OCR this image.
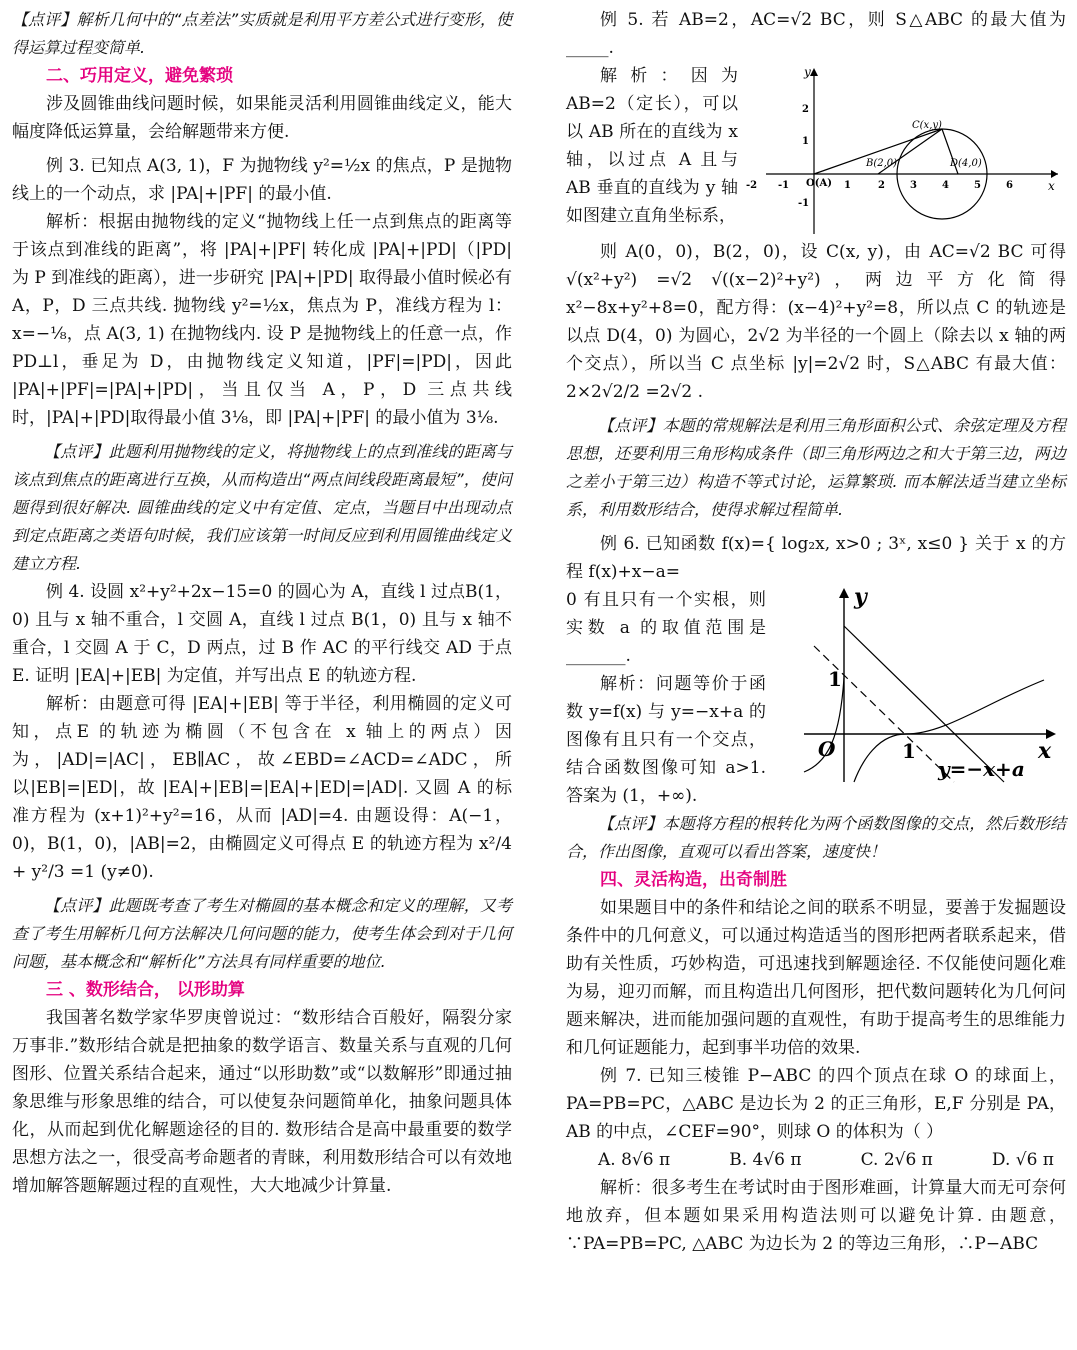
【点评】解析几何中的“点差法”实质就是利用平方差公式进行变形，使得运算过程变简单.

二、巧用定义，避免繁琐

涉及圆锥曲线问题时候，如果能灵活利用圆锥曲线定义，能大幅度降低运算量，会给解题带来方便.

例 3. 已知点 A(3, 1)，F 为抛物线 y²=½x 的焦点，P 是抛物线上的一个动点，求 |PA|+|PF| 的最小值.

解析：根据由抛物线的定义“抛物线上任一点到焦点的距离等于该点到准线的距离”，将 |PA|+|PF| 转化成 |PA|+|PD|（|PD| 为 P 到准线的距离），进一步研究 |PA|+|PD| 取得最小值时候必有 A，P，D 三点共线. 抛物线 y²=½x，焦点为 P，准线方程为 l：x=−⅛，点 A(3, 1) 在抛物线内. 设 P 是抛物线上的任意一点，作 PD⊥l，垂足为 D，由抛物线定义知道，|PF|=|PD|，因此 |PA|+|PF|=|PA|+|PD|，当且仅当 A，P，D 三点共线时，|PA|+|PD|取得最小值 3⅛，即 |PA|+|PF| 的最小值为 3⅛.

【点评】此题利用抛物线的定义，将抛物线上的点到准线的距离与该点到焦点的距离进行互换，从而构造出“两点间线段距离最短”，使问题得到很好解决. 圆锥曲线的定义中有定值、定点，当题目中出现动点到定点距离之类语句时候，我们应该第一时间反应到利用圆锥曲线定义建立方程.

例 4. 设圆 x²+y²+2x−15=0 的圆心为 A，直线 l 过点B(1，0) 且与 x 轴不重合，l 交圆 A，直线 l 过点 B(1，0) 且与 x 轴不重合，l 交圆 A 于 C，D 两点，过 B 作 AC 的平行线交 AD 于点 E. 证明 |EA|+|EB| 为定值，并写出点 E 的轨迹方程.

解析：由题意可得 |EA|+|EB| 等于半径，利用椭圆的定义可知，点E 的轨迹为椭圆（不包含在 x 轴上的两点）因为，|AD|=|AC|，EB∥AC，故∠EBD=∠ACD=∠ADC，所以|EB|=|ED|，故 |EA|+|EB|=|EA|+|ED|=|AD|. 又圆 A 的标准方程为 (x+1)²+y²=16，从而 |AD|=4. 由题设得：A(−1，0)，B(1，0)，|AB|=2，由椭圆定义可得点 E 的轨迹方程为 x²/4 + y²/3 =1 (y≠0).

【点评】此题既考查了考生对椭圆的基本概念和定义的理解，又考查了考生用解析几何方法解决几何问题的能力，使考生体会到对于几何问题，基本概念和“解析化”方法具有同样重要的地位.

三 、数形结合， 以形助算

我国著名数学家华罗庚曾说过：“数形结合百般好，隔裂分家万事非.”数形结合就是把抽象的数学语言、数量关系与直观的几何图形、位置关系结合起来，通过“以形助数”或“以数解形”即通过抽象思维与形象思维的结合，可以使复杂问题简单化，抽象问题具体化，从而起到优化解题途径的目的. 数形结合是高中最重要的数学思想方法之一，很受高考命题者的青睐，利用数形结合可以有效地增加解答题解题过程的直观性，大大地减少计算量.

例 5. 若 AB=2，AC=√2 BC，则 S△ABC 的最大值为 _____.

解析：因为 AB=2（定长），可以以 AB 所在的直线为 x 轴，以过点 A 且与 AB 垂直的直线为 y 轴如图建立直角坐标系，

y
x
-2 -1	1	2	3	4	5	6
2
1
-1
O(A)
B(2,0)
C(x,y)
D(4,0)

则 A(0，0)，B(2，0)，设 C(x, y)，由 AC=√2 BC 可得 √(x²+y²) =√2 √((x−2)²+y²)，两边平方化简得 x²−8x+y²+8=0，配方得：(x−4)²+y²=8，所以点 C 的轨迹是以点 D(4，0) 为圆心，2√2 为半径的一个圆上（除去以 x 轴的两个交点），所以当 C 点坐标 |y|=2√2 时，S△ABC 有最大值：2×2√2/2 =2√2 .

【点评】本题的常规解法是利用三角形面积公式、余弦定理及方程思想，还要利用三角形构成条件（即三角形两边之和大于第三边，两边之差小于第三边）构造不等式讨论，运算繁琐. 而本解法适当建立坐标系，利用数形结合，使得求解过程简单.

例 6. 已知函数 f(x)={ log₂x, x>0 ; 3ˣ, x≤0 } 关于 x 的方程 f(x)+x−a=

0 有且只有一个实根，则实数 a 的取值范围是 _______.

解析：问题等价于函数 y=f(x) 与 y=−x+a 的图像有且只有一个交点，结合函数图像可知 a>1. 答案为 (1，+∞).

y
x
O	1
1
y=−x+a

【点评】本题将方程的根转化为两个函数图像的交点，然后数形结合，作出图像，直观可以看出答案，速度快！

四、灵活构造，出奇制胜

如果题目中的条件和结论之间的联系不明显，要善于发掘题设条件中的几何意义，可以通过构造适当的图形把两者联系起来，借助有关性质，巧妙构造，可迅速找到解题途径. 不仅能使问题化难为易，迎刃而解，而且构造出几何图形，把代数问题转化为几何问题来解决，进而能加强问题的直观性，有助于提高考生的思维能力和几何证题能力，起到事半功倍的效果.

例 7. 已知三棱锥 P−ABC 的四个顶点在球 O 的球面上，PA=PB=PC，△ABC 是边长为 2 的正三角形，E,F 分别是 PA，AB 的中点，∠CEF=90°，则球 O 的体积为（ ）

A. 8√6 π	B. 4√6 π	C. 2√6 π	D. √6 π

解析：很多考生在考试时由于图形难画，计算量大而无可奈何地放弃，但本题如果采用构造法则可以避免计算. 由题意，∵PA=PB=PC, △ABC 为边长为 2 的等边三角形，∴P−ABC
